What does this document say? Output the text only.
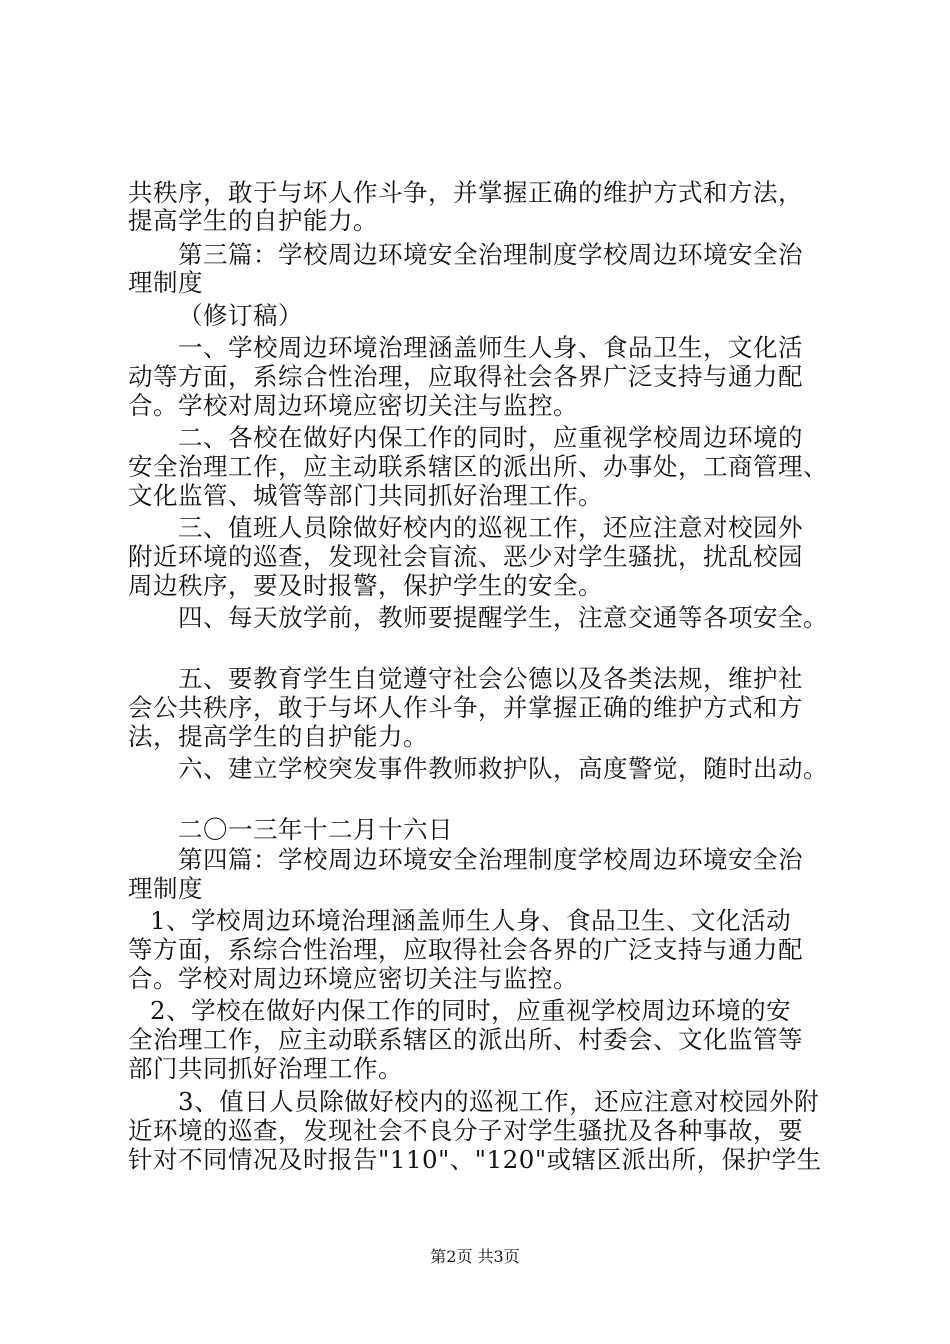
共秩序，敢于与坏人作斗争，并掌握正确的维护方式和方法，
提高学生的自护能力。
第三篇：学校周边环境安全治理制度学校周边环境安全治
理制度
（修订稿）
一、学校周边环境治理涵盖师生人身、食品卫生，文化活
动等方面，系综合性治理，应取得社会各界广泛支持与通力配
合。学校对周边环境应密切关注与监控。
二、各校在做好内保工作的同时，应重视学校周边环境的
安全治理工作，应主动联系辖区的派出所、办事处，工商管理、
文化监管、城管等部门共同抓好治理工作。
三、值班人员除做好校内的巡视工作，还应注意对校园外
附近环境的巡查，发现社会盲流、恶少对学生骚扰，扰乱校园
周边秩序，要及时报警，保护学生的安全。
四、每天放学前，教师要提醒学生，注意交通等各项安全。
五、要教育学生自觉遵守社会公德以及各类法规，维护社
会公共秩序，敢于与坏人作斗争，并掌握正确的维护方式和方
法，提高学生的自护能力。
六、建立学校突发事件教师救护队，高度警觉，随时出动。
二〇一三年十二月十六日
第四篇：学校周边环境安全治理制度学校周边环境安全治
理制度
1、学校周边环境治理涵盖师生人身、食品卫生、文化活动
等方面，系综合性治理，应取得社会各界的广泛支持与通力配
合。学校对周边环境应密切关注与监控。
2、学校在做好内保工作的同时，应重视学校周边环境的安
全治理工作，应主动联系辖区的派出所、村委会、文化监管等
部门共同抓好治理工作。
3、值日人员除做好校内的巡视工作，还应注意对校园外附
近环境的巡查，发现社会不良分子对学生骚扰及各种事故，要
针对不同情况及时报告"110"、"120"或辖区派出所，保护学生
第2页 共3页
